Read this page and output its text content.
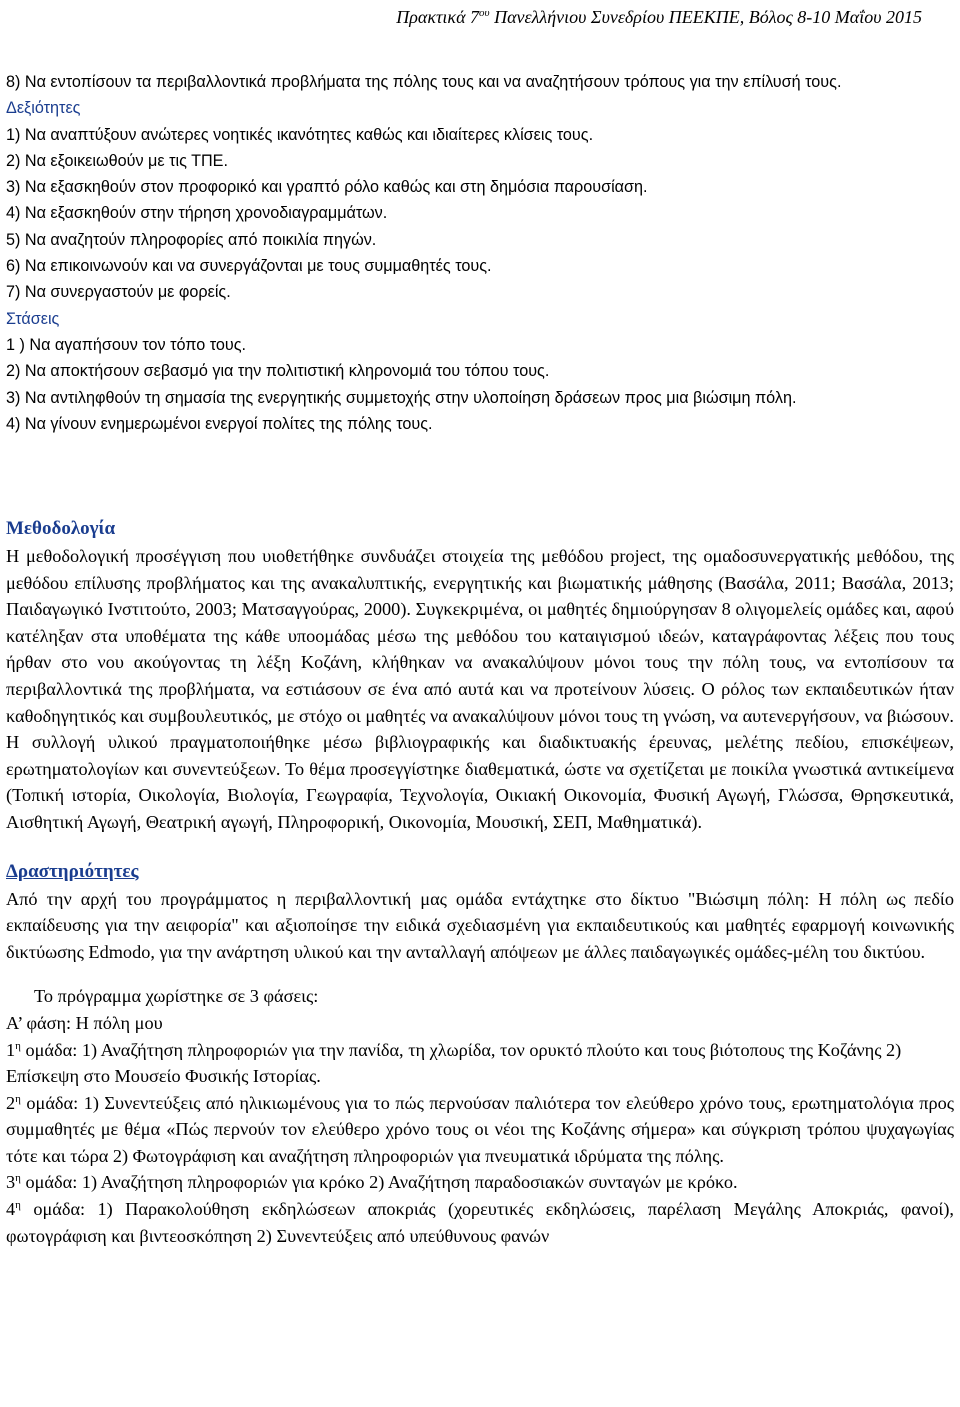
Πρακτικά $7^{o\upsilon}$ Πανελλήνιου Συνεδρίου ΠΕΕΚΠΕ, Βόλος 8-10 Μαΐου 2015
8) Να εντοπίσουν τα περιβαλλοντικά προβλήματα της πόλης τους και να αναζητήσουν τρόπους για την επίλυσή τους.
Δεξιότητες
1) Να αναπτύξουν ανώτερες νοητικές ικανότητες καθώς και ιδιαίτερες κλίσεις τους.
2) Να εξοικειωθούν με τις ΤΠΕ.
3) Να εξασκηθούν στον προφορικό και γραπτό ρόλο καθώς και στη δημόσια παρουσίαση.
4) Να εξασκηθούν στην τήρηση χρονοδιαγραμμάτων.
5) Να αναζητούν πληροφορίες από ποικιλία πηγών.
6) Να επικοινωνούν και να συνεργάζονται με τους συμμαθητές τους.
7) Να συνεργαστούν με φορείς.
Στάσεις
1 ) Να αγαπήσουν τον τόπο τους.
2) Να αποκτήσουν σεβασμό για την πολιτιστική κληρονομιά του τόπου τους.
3) Να αντιληφθούν τη σημασία της ενεργητικής συμμετοχής στην υλοποίηση δράσεων προς μια βιώσιμη πόλη.
4) Να γίνουν ενημερωμένοι ενεργοί πολίτες της πόλης τους.
Μεθοδολογία
Η μεθοδολογική προσέγγιση που υιοθετήθηκε συνδυάζει στοιχεία της μεθόδου project, της ομαδοσυνεργατικής μεθόδου, της μεθόδου επίλυσης προβλήματος και της ανακαλυπτικής, ενεργητικής και βιωματικής μάθησης (Βασάλα, 2011; Βασάλα, 2013; Παιδαγωγικό Ινστιτούτο, 2003; Ματσαγγούρας, 2000). Συγκεκριμένα, οι μαθητές δημιούργησαν 8 ολιγομελείς ομάδες και, αφού κατέληξαν στα υποθέματα της κάθε υποομάδας μέσω της μεθόδου του καταιγισμού ιδεών, καταγράφοντας λέξεις που τους ήρθαν στο νου ακούγοντας τη λέξη Κοζάνη, κλήθηκαν να ανακαλύψουν μόνοι τους την πόλη τους, να εντοπίσουν τα περιβαλλοντικά της προβλήματα, να εστιάσουν σε ένα από αυτά και να προτείνουν λύσεις. Ο ρόλος των εκπαιδευτικών ήταν καθοδηγητικός και συμβουλευτικός, με στόχο οι μαθητές να ανακαλύψουν μόνοι τους τη γνώση, να αυτενεργήσουν, να βιώσουν. Η συλλογή υλικού πραγματοποιήθηκε μέσω βιβλιογραφικής και διαδικτυακής έρευνας, μελέτης πεδίου, επισκέψεων, ερωτηματολογίων και συνεντεύξεων. Το θέμα προσεγγίστηκε διαθεματικά, ώστε να σχετίζεται με ποικίλα γνωστικά αντικείμενα (Τοπική ιστορία, Οικολογία, Βιολογία, Γεωγραφία, Τεχνολογία, Οικιακή Οικονομία, Φυσική Αγωγή, Γλώσσα, Θρησκευτικά, Αισθητική Αγωγή, Θεατρική αγωγή, Πληροφορική, Οικονομία, Μουσική, ΣΕΠ, Μαθηματικά).
Δραστηριότητες
Από την αρχή του προγράμματος η περιβαλλοντική μας ομάδα εντάχτηκε στο δίκτυο "Βιώσιμη πόλη: Η πόλη ως πεδίο εκπαίδευσης για την αειφορία" και αξιοποίησε την ειδικά σχεδιασμένη για εκπαιδευτικούς και μαθητές εφαρμογή κοινωνικής δικτύωσης Edmodo, για την ανάρτηση υλικού και την ανταλλαγή απόψεων με άλλες παιδαγωγικές ομάδες-μέλη του δικτύου.
Το πρόγραμμα χωρίστηκε σε 3 φάσεις:
Α’ φάση: Η πόλη μου
$1^\eta$ ομάδα: 1) Αναζήτηση πληροφοριών για την πανίδα, τη χλωρίδα, τον ορυκτό πλούτο και τους βιότοπους της Κοζάνης 2) Επίσκεψη στο Μουσείο Φυσικής Ιστορίας.
$2^\eta$ ομάδα: 1) Συνεντεύξεις από ηλικιωμένους για το πώς περνούσαν παλιότερα τον ελεύθερο χρόνο τους, ερωτηματολόγια προς συμμαθητές με θέμα «Πώς περνούν τον ελεύθερο χρόνο τους οι νέοι της Κοζάνης σήμερα» και σύγκριση τρόπου ψυχαγωγίας τότε και τώρα 2) Φωτογράφιση και αναζήτηση πληροφοριών για πνευματικά ιδρύματα της πόλης.
$3^\eta$ ομάδα: 1) Αναζήτηση πληροφοριών για κρόκο 2) Αναζήτηση παραδοσιακών συνταγών με κρόκο.
$4^\eta$ ομάδα: 1) Παρακολούθηση εκδηλώσεων αποκριάς (χορευτικές εκδηλώσεις, παρέλαση Μεγάλης Αποκριάς, φανοί), φωτογράφιση και βιντεοσκόπηση 2) Συνεντεύξεις από υπεύθυνους φανών
